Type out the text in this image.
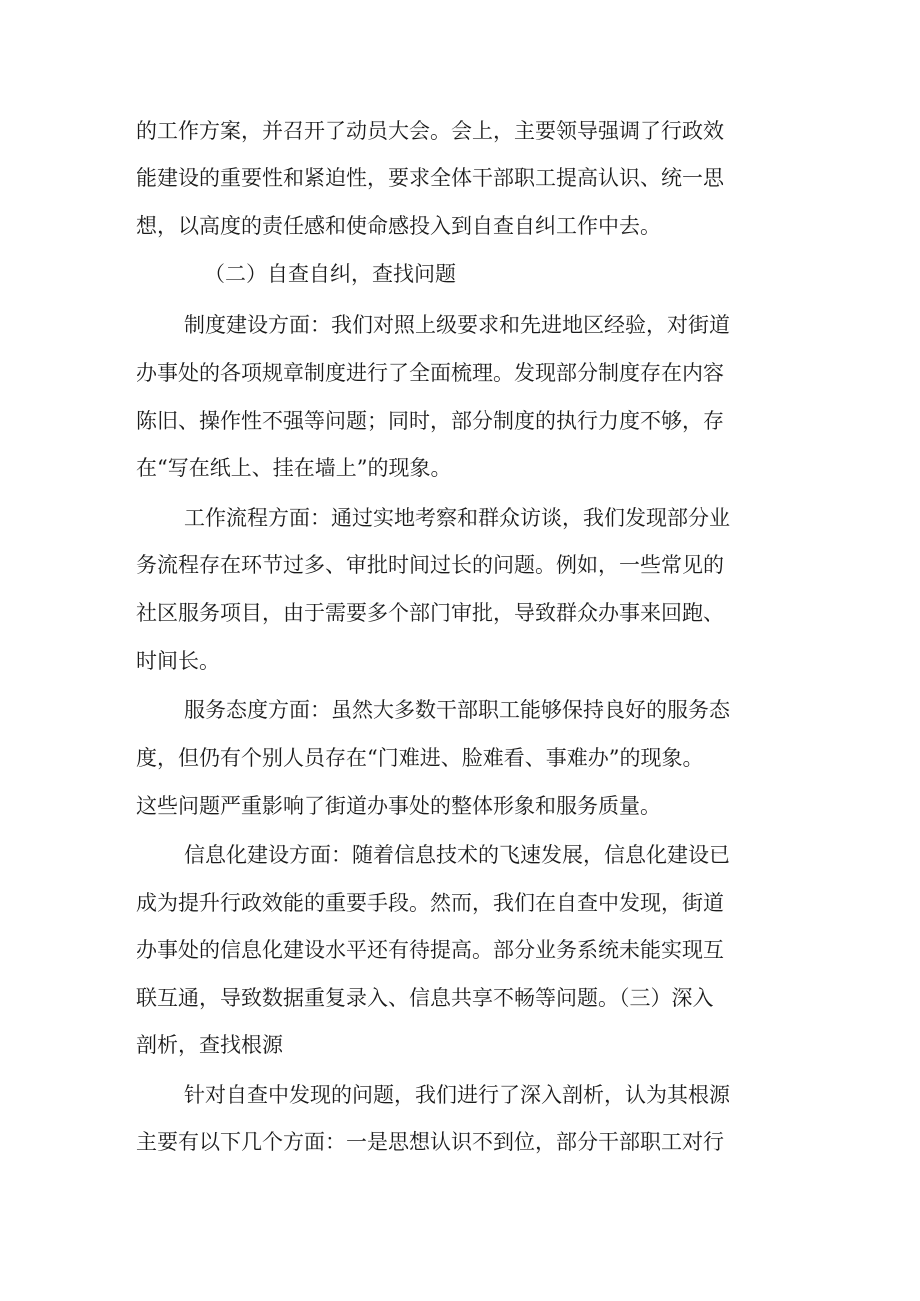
的工作方案，并召开了动员大会。会上，主要领导强调了行政效
能建设的重要性和紧迫性，要求全体干部职工提高认识、统一思
想，以高度的责任感和使命感投入到自查自纠工作中去。
（二）自查自纠，查找问题
制度建设方面：我们对照上级要求和先进地区经验，对街道
办事处的各项规章制度进行了全面梳理。发现部分制度存在内容
陈旧、操作性不强等问题；同时，部分制度的执行力度不够，存
在“写在纸上、挂在墙上”的现象。
工作流程方面：通过实地考察和群众访谈，我们发现部分业
务流程存在环节过多、审批时间过长的问题。例如，一些常见的
社区服务项目，由于需要多个部门审批，导致群众办事来回跑、
时间长。
服务态度方面：虽然大多数干部职工能够保持良好的服务态
度，但仍有个别人员存在“门难进、脸难看、事难办”的现象。
这些问题严重影响了街道办事处的整体形象和服务质量。
信息化建设方面：随着信息技术的飞速发展，信息化建设已
成为提升行政效能的重要手段。然而，我们在自查中发现，街道
办事处的信息化建设水平还有待提高。部分业务系统未能实现互
联互通，导致数据重复录入、信息共享不畅等问题。（三）深入
剖析，查找根源
针对自查中发现的问题，我们进行了深入剖析，认为其根源
主要有以下几个方面：一是思想认识不到位，部分干部职工对行
